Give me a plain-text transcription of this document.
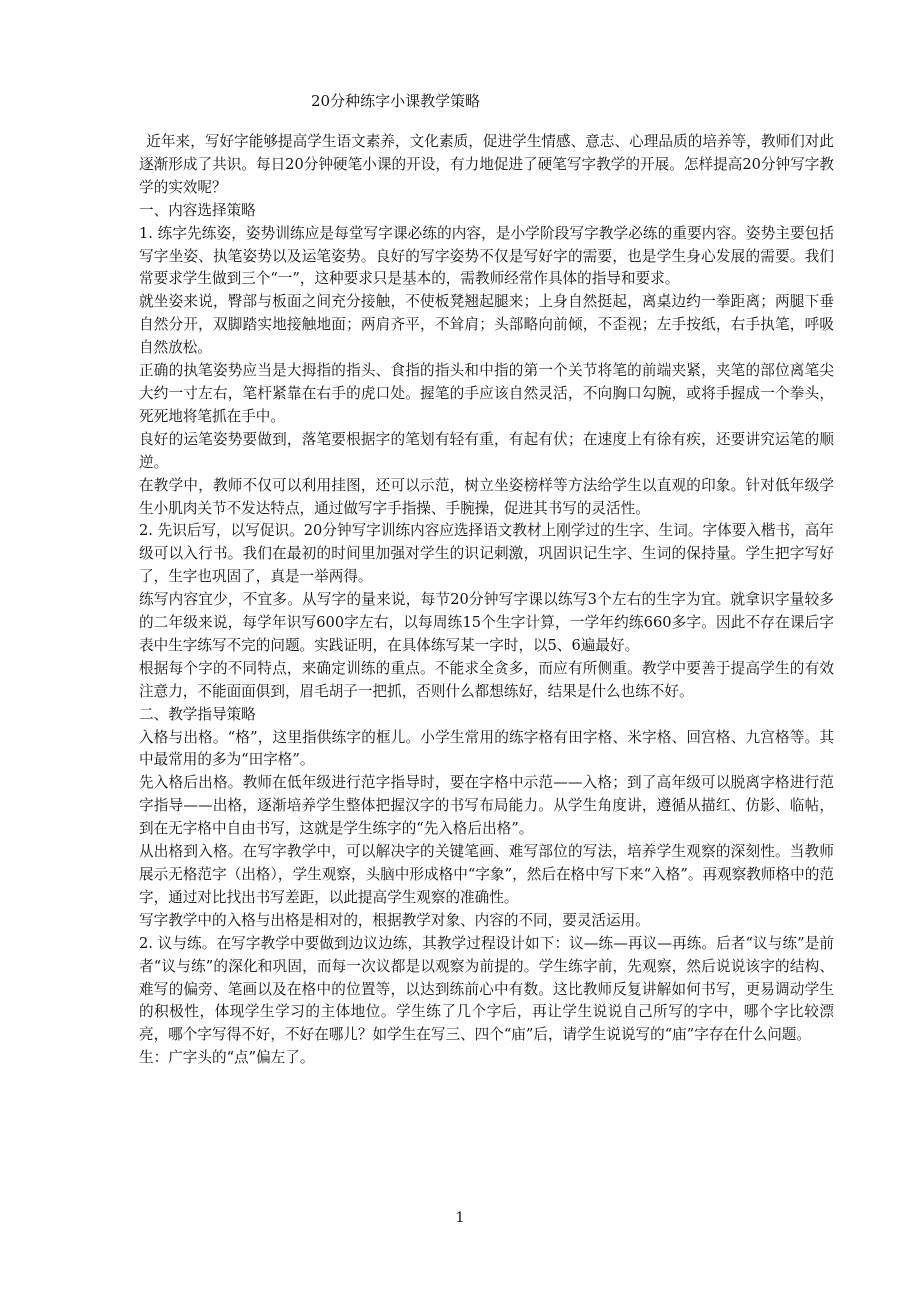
20分种练字小课教学策略

近年来，写好字能够提高学生语文素养，文化素质，促进学生情感、意志、心理品质的培养等，教师们对此逐渐形成了共识。每日20分钟硬笔小课的开设，有力地促进了硬笔写字教学的开展。怎样提高20分钟写字教学的实效呢？

一、内容选择策略

1. 练字先练姿，姿势训练应是每堂写字课必练的内容，是小学阶段写字教学必练的重要内容。姿势主要包括写字坐姿、执笔姿势以及运笔姿势。良好的写字姿势不仅是写好字的需要，也是学生身心发展的需要。我们常要求学生做到三个“一”，这种要求只是基本的，需教师经常作具体的指导和要求。

就坐姿来说，臀部与板面之间充分接触，不使板凳翘起腿来；上身自然挺起，离桌边约一拳距离；两腿下垂自然分开，双脚踏实地接触地面；两肩齐平，不耸肩；头部略向前倾，不歪视；左手按纸，右手执笔，呼吸自然放松。

正确的执笔姿势应当是大拇指的指头、食指的指头和中指的第一个关节将笔的前端夹紧，夹笔的部位离笔尖大约一寸左右，笔杆紧靠在右手的虎口处。握笔的手应该自然灵活，不向胸口勾腕，或将手握成一个拳头，死死地将笔抓在手中。

良好的运笔姿势要做到，落笔要根据字的笔划有轻有重，有起有伏；在速度上有徐有疾，还要讲究运笔的顺逆。

在教学中，教师不仅可以利用挂图，还可以示范，树立坐姿榜样等方法给学生以直观的印象。针对低年级学生小肌肉关节不发达特点，通过做写字手指操、手腕操，促进其书写的灵活性。

2. 先识后写，以写促识。20分钟写字训练内容应选择语文教材上刚学过的生字、生词。字体要入楷书，高年级可以入行书。我们在最初的时间里加强对学生的识记刺激，巩固识记生字、生词的保持量。学生把字写好了，生字也巩固了，真是一举两得。

练写内容宜少，不宜多。从写字的量来说，每节20分钟写字课以练写3个左右的生字为宜。就拿识字量较多的二年级来说，每学年识写600字左右，以每周练15个生字计算，一学年约练660多字。因此不存在课后字表中生字练写不完的问题。实践证明，在具体练写某一字时，以5、6遍最好。

根据每个字的不同特点，来确定训练的重点。不能求全贪多，而应有所侧重。教学中要善于提高学生的有效注意力，不能面面俱到，眉毛胡子一把抓，否则什么都想练好，结果是什么也练不好。

二、教学指导策略

入格与出格。“格”，这里指供练字的框儿。小学生常用的练字格有田字格、米字格、回宫格、九宫格等。其中最常用的多为“田字格”。

先入格后出格。教师在低年级进行范字指导时，要在字格中示范——入格；到了高年级可以脱离字格进行范字指导——出格，逐渐培养学生整体把握汉字的书写布局能力。从学生角度讲，遵循从描红、仿影、临帖，到在无字格中自由书写，这就是学生练字的“先入格后出格”。

从出格到入格。在写字教学中，可以解决字的关键笔画、难写部位的写法，培养学生观察的深刻性。当教师展示无格范字（出格），学生观察，头脑中形成格中“字象”，然后在格中写下来“入格”。再观察教师格中的范字，通过对比找出书写差距，以此提高学生观察的准确性。

写字教学中的入格与出格是相对的，根据教学对象、内容的不同，要灵活运用。

2. 议与练。在写字教学中要做到边议边练，其教学过程设计如下：议—练—再议—再练。后者“议与练”是前者“议与练”的深化和巩固，而每一次议都是以观察为前提的。学生练字前，先观察，然后说说该字的结构、难写的偏旁、笔画以及在格中的位置等，以达到练前心中有数。这比教师反复讲解如何书写，更易调动学生的积极性，体现学生学习的主体地位。学生练了几个字后，再让学生说说自己所写的字中，哪个字比较漂亮，哪个字写得不好，不好在哪儿？如学生在写三、四个“庙”后，请学生说说写的“庙”字存在什么问题。

生：广字头的“点”偏左了。

1
